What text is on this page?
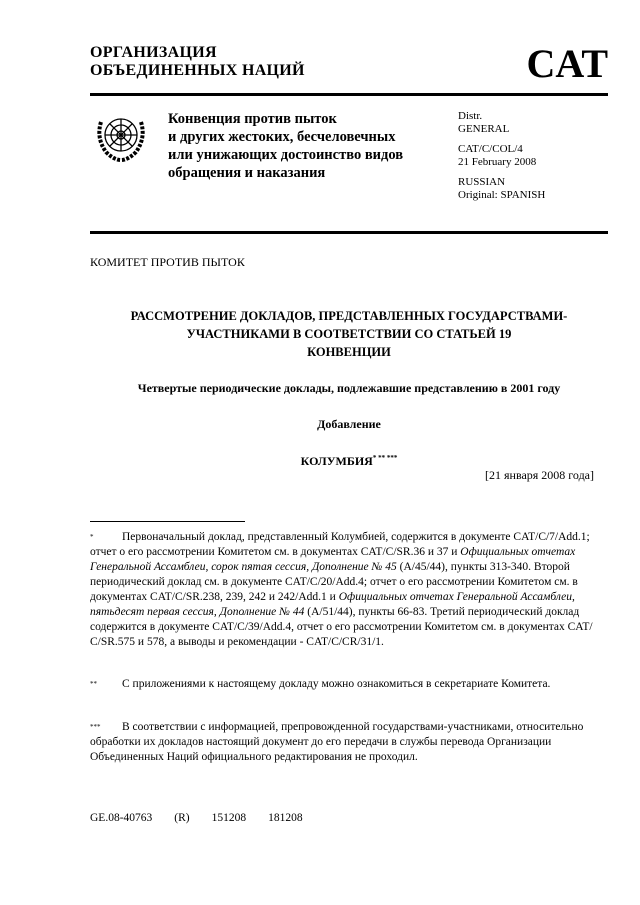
ОРГАНИЗАЦИЯ
ОБЪЕДИНЕННЫХ НАЦИЙ	CAT
Конвенция против пыток
и других жестоких, бесчеловечных
или унижающих достоинство видов
обращения и наказания
Distr.
GENERAL
CAT/C/COL/4
21 February 2008
RUSSIAN
Original: SPANISH
КОМИТЕТ ПРОТИВ ПЫТОК
РАССМОТРЕНИЕ ДОКЛАДОВ, ПРЕДСТАВЛЕННЫХ ГОСУДАРСТВАМИ-
УЧАСТНИКАМИ В СООТВЕТСТВИИ СО СТАТЬЕЙ 19
КОНВЕНЦИИ
Четвертые периодические доклады, подлежавшие представлению в 2001 году
Добавление
КОЛУМБИЯ* ** ***
[21 января 2008 года]
*	Первоначальный доклад, представленный Колумбией, содержится в документе CAT/C/7/Add.1; отчет о его рассмотрении Комитетом см. в документах CAT/C/SR.36 и 37 и Официальных отчетах Генеральной Ассамблеи, сорок пятая сессия, Дополнение № 45 (A/45/44), пункты 313-340. Второй периодический доклад см. в документе CAT/C/20/Add.4; отчет о его рассмотрении Комитетом см. в документах CAT/C/SR.238, 239, 242 и 242/Add.1 и Официальных отчетах Генеральной Ассамблеи, пятьдесят первая сессия, Дополнение № 44 (A/51/44), пункты 66-83. Третий периодический доклад содержится в документе CAT/C/39/Add.4, отчет о его рассмотрении Комитетом см. в документах CAT/ C/SR.575 и 578, а выводы и рекомендации - CAT/C/CR/31/1.
**	С приложениями к настоящему докладу можно ознакомиться в секретариате Комитета.
***	В соответствии с информацией, препровожденной государствами-участниками, относительно обработки их докладов настоящий документ до его передачи в службы перевода Организации Объединенных Наций официального редактирования не проходил.
GE.08-40763 (R) 151208 181208
